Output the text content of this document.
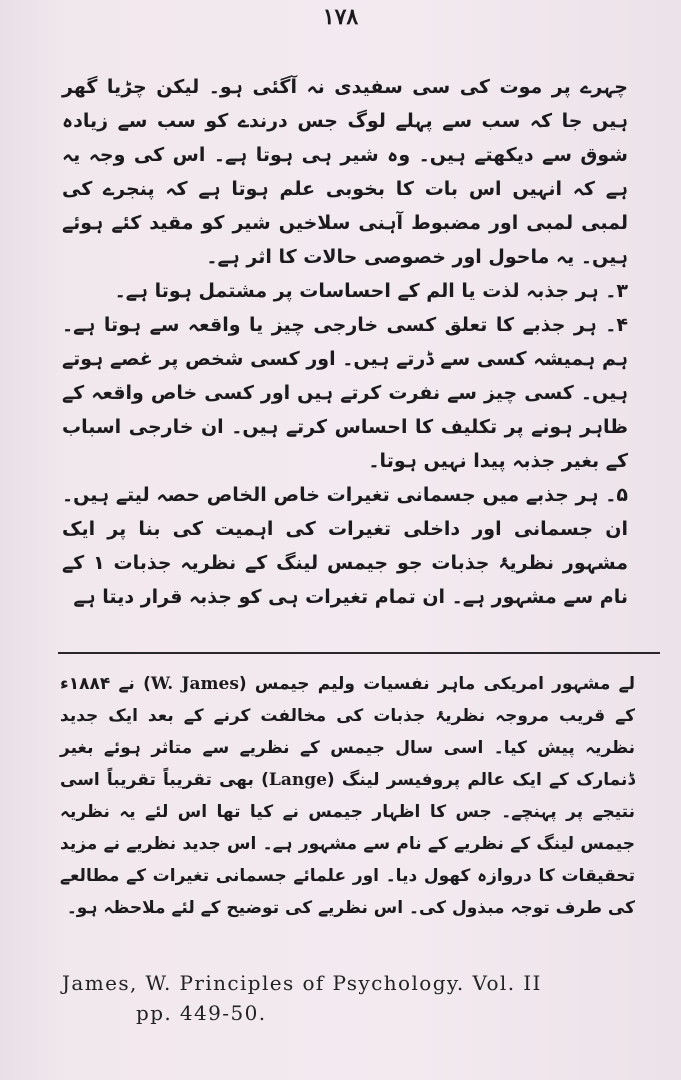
۱۷۸

چہرے پر موت کی سی سفیدی نہ آگئی ہو۔ لیکن چڑیا گھر ہیں جا کہ سب سے پہلے لوگ جس درندے کو سب سے زیادہ شوق سے دیکھتے ہیں۔ وہ شیر ہی ہوتا ہے۔ اس کی وجہ یہ ہے کہ انہیں اس بات کا بخوبی علم ہوتا ہے کہ پنجرے کی لمبی لمبی اور مضبوط آہنی سلاخیں شیر کو مقید کئے ہوئے ہیں۔ یہ ماحول اور خصوصی حالات کا اثر ہے۔

۳۔ ہر جذبہ لذت یا الم کے احساسات پر مشتمل ہوتا ہے۔

۴۔ ہر جذبے کا تعلق کسی خارجی چیز یا واقعہ سے ہوتا ہے۔ ہم ہمیشہ کسی سے ڈرتے ہیں۔ اور کسی شخص پر غصے ہوتے ہیں۔ کسی چیز سے نفرت کرتے ہیں اور کسی خاص واقعہ کے ظاہر ہونے پر تکلیف کا احساس کرتے ہیں۔ ان خارجی اسباب کے بغیر جذبہ پیدا نہیں ہوتا۔

۵۔ ہر جذبے میں جسمانی تغیرات خاص الخاص حصہ لیتے ہیں۔ ان جسمانی اور داخلی تغیرات کی اہمیت کی بنا پر ایک مشہور نظریۂ جذبات جو جیمس لینگ کے نظریہ جذبات ۱ کے نام سے مشہور ہے۔ ان تمام تغیرات ہی کو جذبہ قرار دیتا ہے

لے مشہور امریکی ماہر نفسیات ولیم جیمس (W. James) نے ۱۸۸۴ء کے قریب مروجہ نظریۂ جذبات کی مخالفت کرنے کے بعد ایک جدید نظریہ پیش کیا۔ اسی سال جیمس کے نظریے سے متاثر ہوئے بغیر ڈنمارک کے ایک عالم پروفیسر لینگ (Lange) بھی تقریباً تقریباً اسی نتیجے پر پہنچے۔ جس کا اظہار جیمس نے کیا تھا اس لئے یہ نظریہ جیمس لینگ کے نظریے کے نام سے مشہور ہے۔ اس جدید نظریے نے مزید تحقیقات کا دروازہ کھول دیا۔ اور علمائے جسمانی تغیرات کے مطالعے کی طرف توجہ مبذول کی۔ اس نظریے کی توضیح کے لئے ملاحظہ ہو۔

James, W. Principles of Psychology. Vol. II
pp. 449-50.
